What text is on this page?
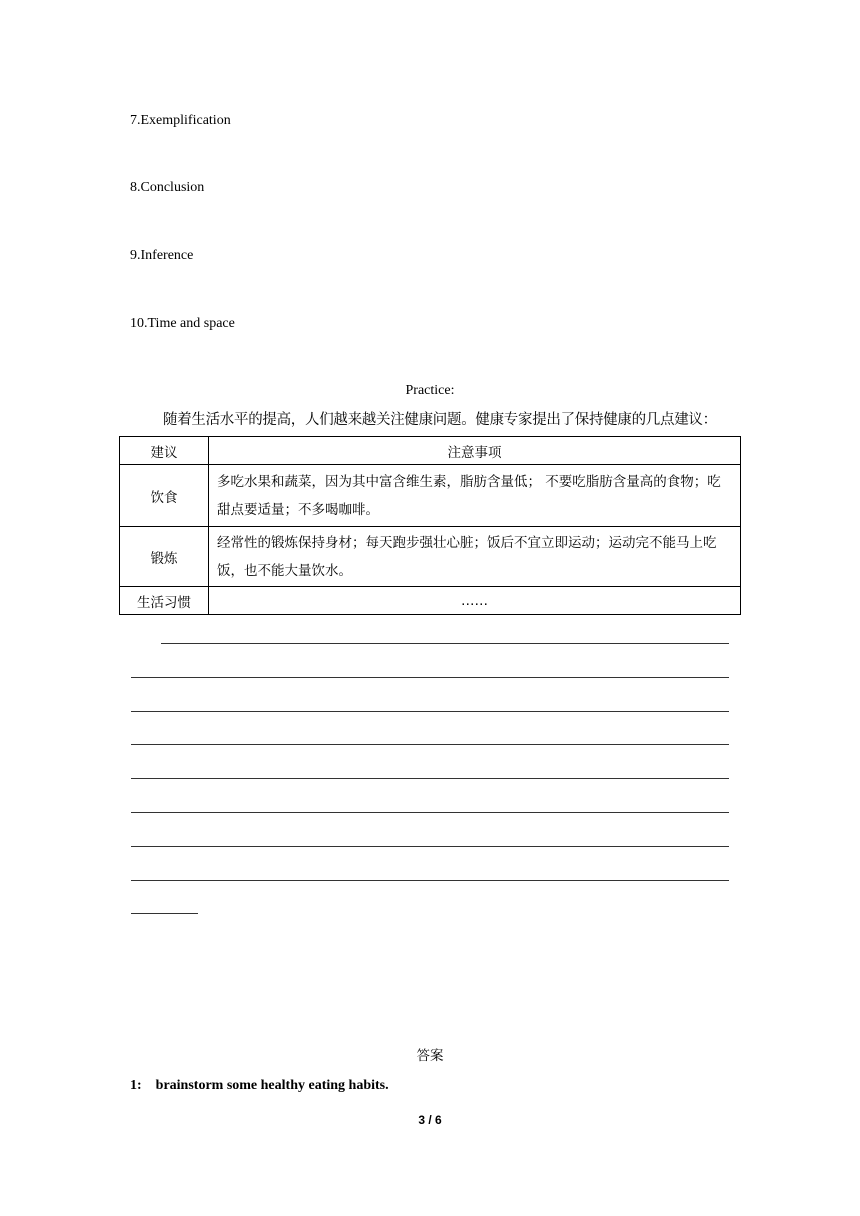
7.Exemplification
8.Conclusion
9.Inference
10.Time and space
Practice:
随着生活水平的提高，人们越来越关注健康问题。健康专家提出了保持健康的几点建议：
建议	注意事项
饮食	多吃水果和蔬菜，因为其中富含维生素，脂肪含量低； 不要吃脂肪含量高的食物；吃甜点要适量；不多喝咖啡。
锻炼	经常性的锻炼保持身材；每天跑步强壮心脏；饭后不宜立即运动；运动完不能马上吃饭，也不能大量饮水。
生活习惯	……
答案
1:    brainstorm some healthy eating habits.
3 / 6
